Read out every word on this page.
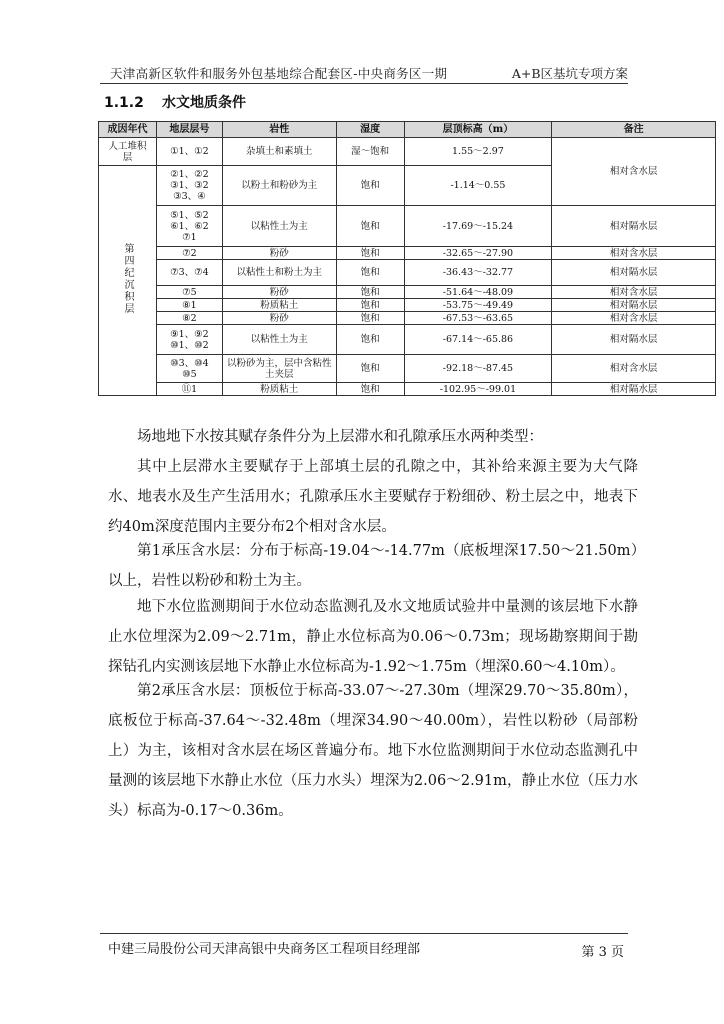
天津高新区软件和服务外包基地综合配套区-中央商务区一期	A+B区基坑专项方案
1.1.2 水文地质条件
成因年代	地层层号	岩性	湿度	层顶标高（m）	备注
人工堆积层	①1、①2	杂填土和素填土	湿～饱和	1.55～2.97	相对含水层
第四纪沉积层	②1、②2 ③1、③2 ③3、④	以粉土和粉砂为主	饱和	-1.14～0.55	
	⑤1、⑤2 ⑥1、⑥2 ⑦1	以粘性土为主	饱和	-17.69～-15.24	相对隔水层
	⑦2	粉砂	饱和	-32.65～-27.90	相对含水层
	⑦3、⑦4	以粘性土和粉土为主	饱和	-36.43～-32.77	相对隔水层
	⑦5	粉砂	饱和	-51.64～-48.09	相对含水层
	⑧1	粉质粘土	饱和	-53.75～-49.49	相对隔水层
	⑧2	粉砂	饱和	-67.53～-63.65	相对含水层
	⑨1、⑨2 ⑩1、⑩2	以粘性土为主	饱和	-67.14～-65.86	相对隔水层
	⑩3、⑩4 ⑩5	以粉砂为主，层中含粘性土夹层	饱和	-92.18～-87.45	相对含水层
	⑪1	粉质粘土	饱和	-102.95～-99.01	相对隔水层
场地地下水按其赋存条件分为上层滞水和孔隙承压水两种类型：
其中上层滞水主要赋存于上部填土层的孔隙之中，其补给来源主要为大气降水、地表水及生产生活用水；孔隙承压水主要赋存于粉细砂、粉土层之中，地表下约40m深度范围内主要分布2个相对含水层。
第1承压含水层：分布于标高-19.04～-14.77m（底板埋深17.50～21.50m）以上，岩性以粉砂和粉土为主。
地下水位监测期间于水位动态监测孔及水文地质试验井中量测的该层地下水静止水位埋深为2.09～2.71m，静止水位标高为0.06～0.73m；现场勘察期间于勘探钻孔内实测该层地下水静止水位标高为-1.92～1.75m（埋深0.60～4.10m）。
第2承压含水层：顶板位于标高-33.07～-27.30m（埋深29.70～35.80m），底板位于标高-37.64～-32.48m（埋深34.90～40.00m），岩性以粉砂（局部粉上）为主，该相对含水层在场区普遍分布。地下水位监测期间于水位动态监测孔中量测的该层地下水静止水位（压力水头）埋深为2.06～2.91m，静止水位（压力水头）标高为-0.17～0.36m。
中建三局股份公司天津高银中央商务区工程项目经理部	第 3 页
